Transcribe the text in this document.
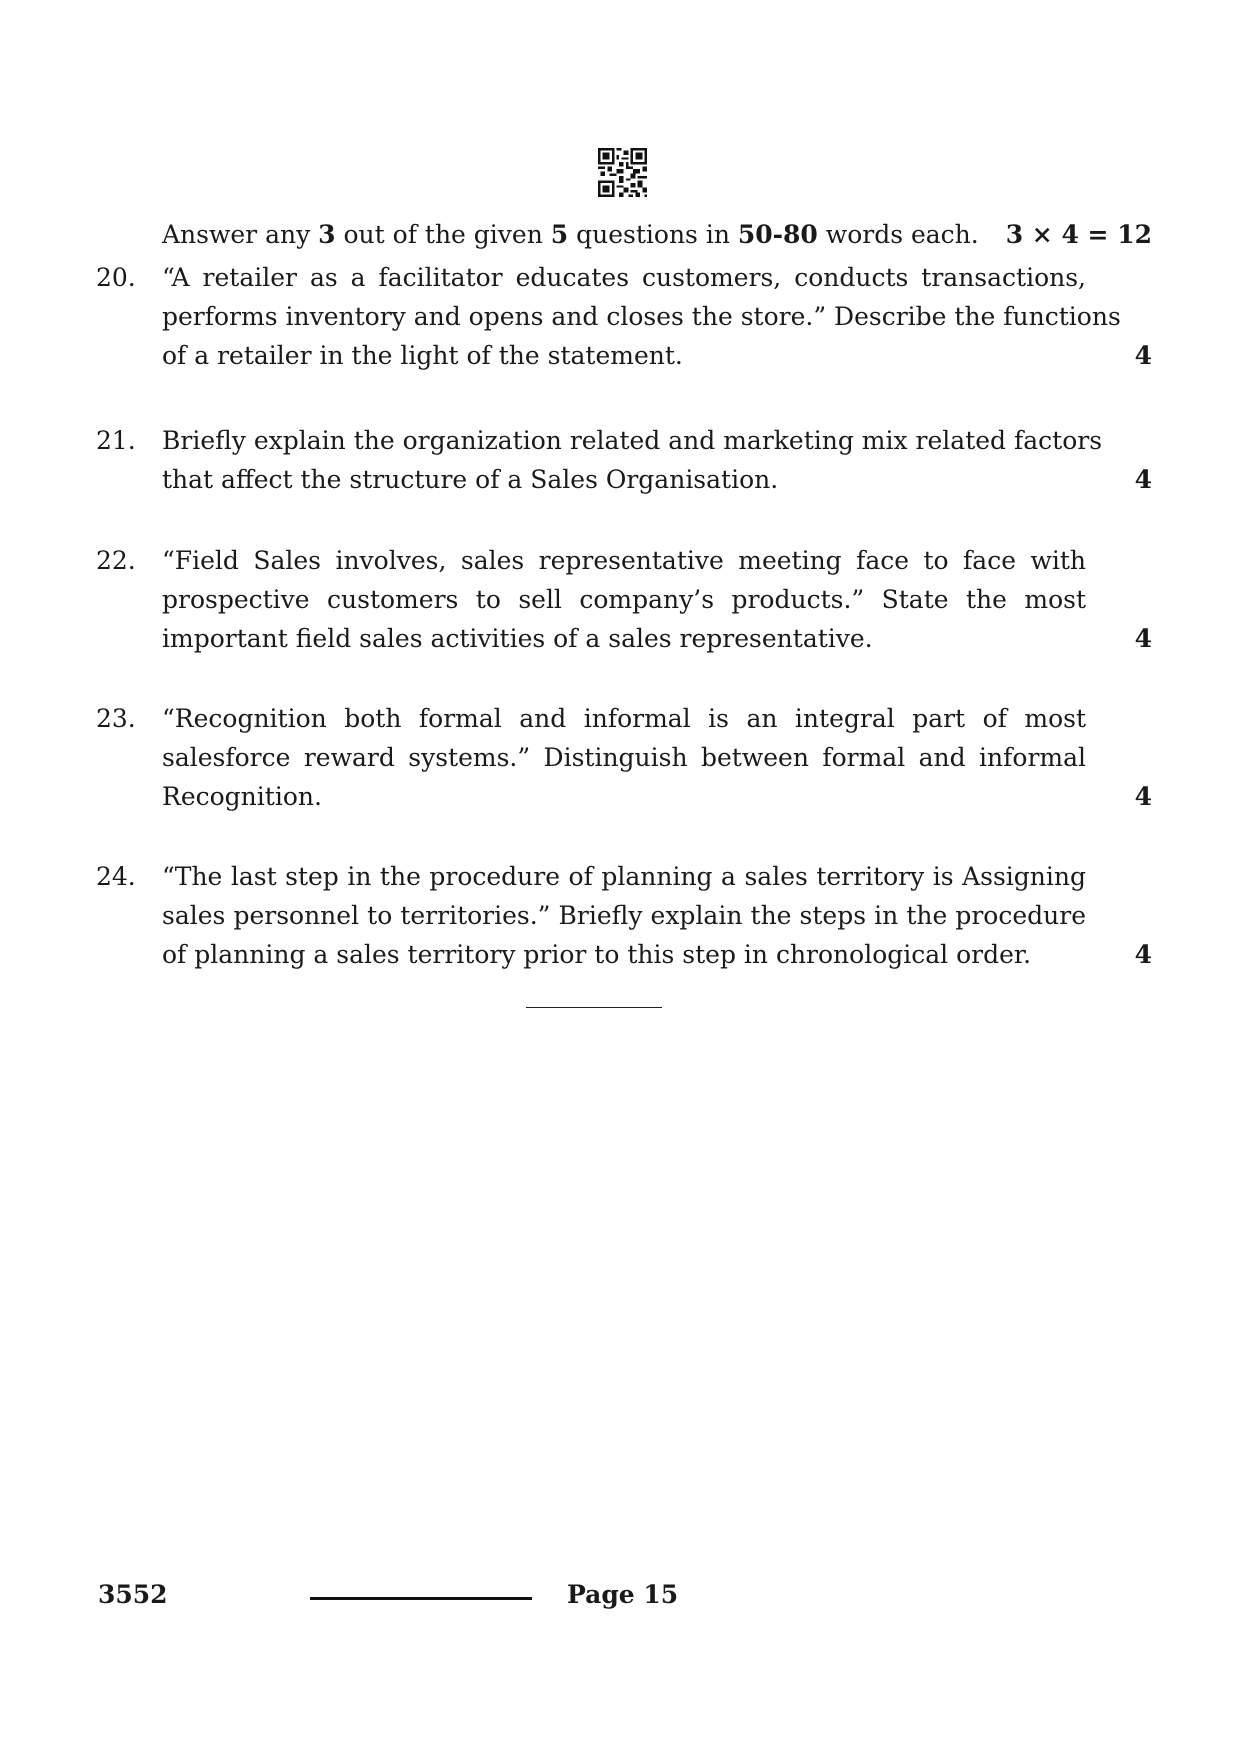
Answer any 3 out of the given 5 questions in 50-80 words each. 3 × 4 = 12
20. “A retailer as a facilitator educates customers, conducts transactions,
performs inventory and opens and closes the store.” Describe the functions
of a retailer in the light of the statement.	4
21. Briefly explain the organization related and marketing mix related factors
that affect the structure of a Sales Organisation.	4
22. “Field Sales involves, sales representative meeting face to face with
prospective customers to sell company’s products.” State the most
important field sales activities of a sales representative.	4
23. “Recognition both formal and informal is an integral part of most
salesforce reward systems.” Distinguish between formal and informal
Recognition.	4
24. “The last step in the procedure of planning a sales territory is Assigning
sales personnel to territories.” Briefly explain the steps in the procedure
of planning a sales territory prior to this step in chronological order.	4
3552	Page 15
